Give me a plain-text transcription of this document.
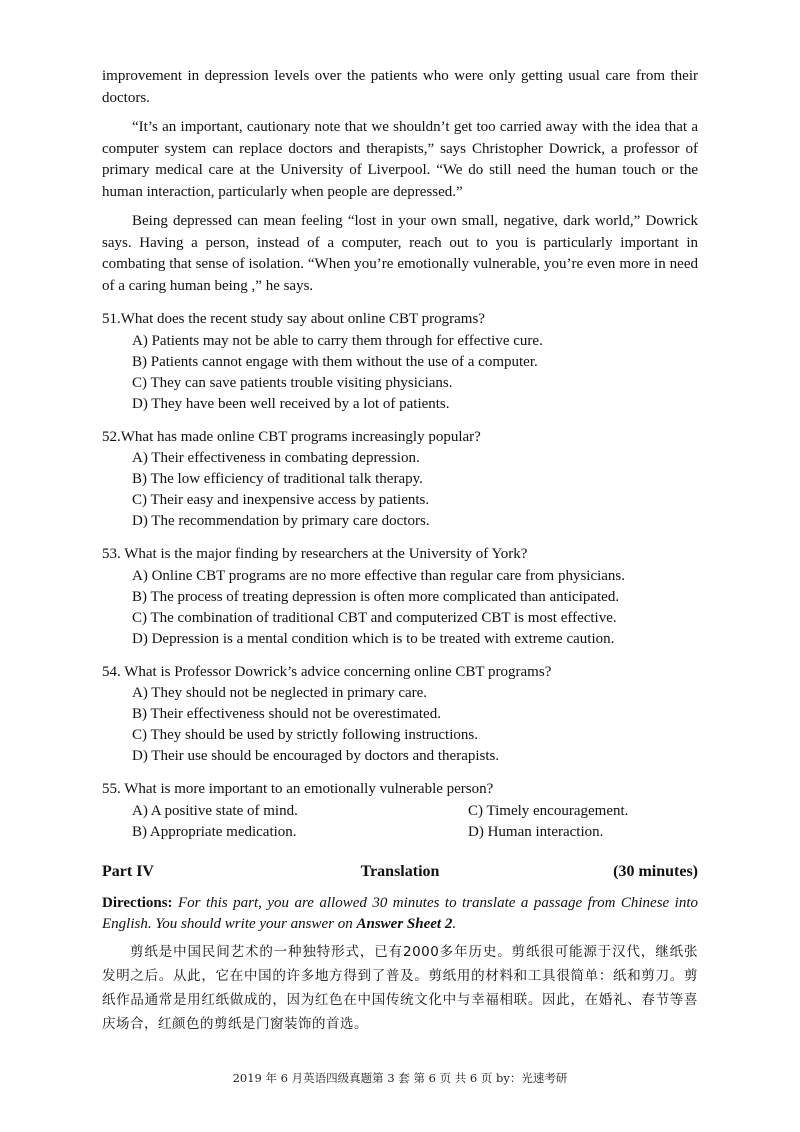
improvement in depression levels over the patients who were only getting usual care from their doctors.

“It’s an important, cautionary note that we shouldn’t get too carried away with the idea that a computer system can replace doctors and therapists,” says Christopher Dowrick, a professor of primary medical care at the University of Liverpool. “We do still need the human touch or the human interaction, particularly when people are depressed.”

Being depressed can mean feeling “lost in your own small, negative, dark world,” Dowrick says. Having a person, instead of a computer, reach out to you is particularly important in combating that sense of isolation. “When you’re emotionally vulnerable, you’re even more in need of a caring human being ,” he says.

51.What does the recent study say about online CBT programs?
A) Patients may not be able to carry them through for effective cure.
B) Patients cannot engage with them without the use of a computer.
C) They can save patients trouble visiting physicians.
D) They have been well received by a lot of patients.
52.What has made online CBT programs increasingly popular?
A) Their effectiveness in combating depression.
B) The low efficiency of traditional talk therapy.
C) Their easy and inexpensive access by patients.
D) The recommendation by primary care doctors.
53. What is the major finding by researchers at the University of York?
A) Online CBT programs are no more effective than regular care from physicians.
B) The process of treating depression is often more complicated than anticipated.
C) The combination of traditional CBT and computerized CBT is most effective.
D) Depression is a mental condition which is to be treated with extreme caution.
54. What is Professor Dowrick’s advice concerning online CBT programs?
A) They should not be neglected in primary care.
B) Their effectiveness should not be overestimated.
C) They should be used by strictly following instructions.
D) Their use should be encouraged by doctors and therapists.
55. What is more important to an emotionally vulnerable person?
A) A positive state of mind.	C) Timely encouragement.
B) Appropriate medication.	D) Human interaction.
Part IV	Translation	(30 minutes)
Directions: For this part, you are allowed 30 minutes to translate a passage from Chinese into English. You should write your answer on Answer Sheet 2.
剪纸是中国民间艺术的一种独特形式，已有2000多年历史。剪纸很可能源于汉代，继纸张发明之后。从此，它在中国的许多地方得到了普及。剪纸用的材料和工具很简单：纸和剪刀。剪纸作品通常是用红纸做成的，因为红色在中国传统文化中与幸福相联。因此，在婚礼、春节等喜庆场合，红颜色的剪纸是门窗装饰的首选。
2019 年 6 月英语四级真题第 3 套 第 6 页 共 6 页 by：光速考研
